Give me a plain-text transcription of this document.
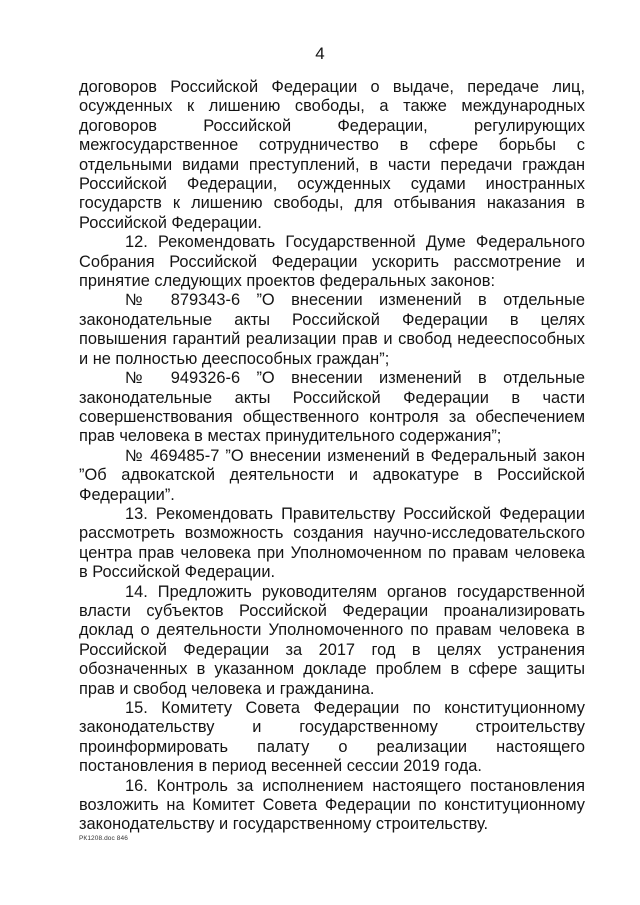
4

договоров Российской Федерации о выдаче, передаче лиц, осужденных к лишению свободы, а также международных договоров Российской Федерации, регулирующих межгосударственное сотрудничество в сфере борьбы с отдельными видами преступлений, в части передачи граждан Российской Федерации, осужденных судами иностранных государств к лишению свободы, для отбывания наказания в Российской Федерации.

12. Рекомендовать Государственной Думе Федерального Собрания Российской Федерации ускорить рассмотрение и принятие следующих проектов федеральных законов:

№ 879343-6 ”О внесении изменений в отдельные законодательные акты Российской Федерации в целях повышения гарантий реализации прав и свобод недееспособных и не полностью дееспособных граждан”;

№ 949326-6 ”О внесении изменений в отдельные законодательные акты Российской Федерации в части совершенствования общественного контроля за обеспечением прав человека в местах принудительного содержания”;

№ 469485-7 ”О внесении изменений в Федеральный закон ”Об адвокатской деятельности и адвокатуре в Российской Федерации”.

13. Рекомендовать Правительству Российской Федерации рассмотреть возможность создания научно-исследовательского центра прав человека при Уполномоченном по правам человека в Российской Федерации.

14. Предложить руководителям органов государственной власти субъектов Российской Федерации проанализировать доклад о деятельности Уполномоченного по правам человека в Российской Федерации за 2017 год в целях устранения обозначенных в указанном докладе проблем в сфере защиты прав и свобод человека и гражданина.

15. Комитету Совета Федерации по конституционному законодательству и государственному строительству проинформировать палату о реализации настоящего постановления в период весенней сессии 2019 года.

16. Контроль за исполнением настоящего постановления возложить на Комитет Совета Федерации по конституционному законодательству и государственному строительству.

РК1208.doc 846
